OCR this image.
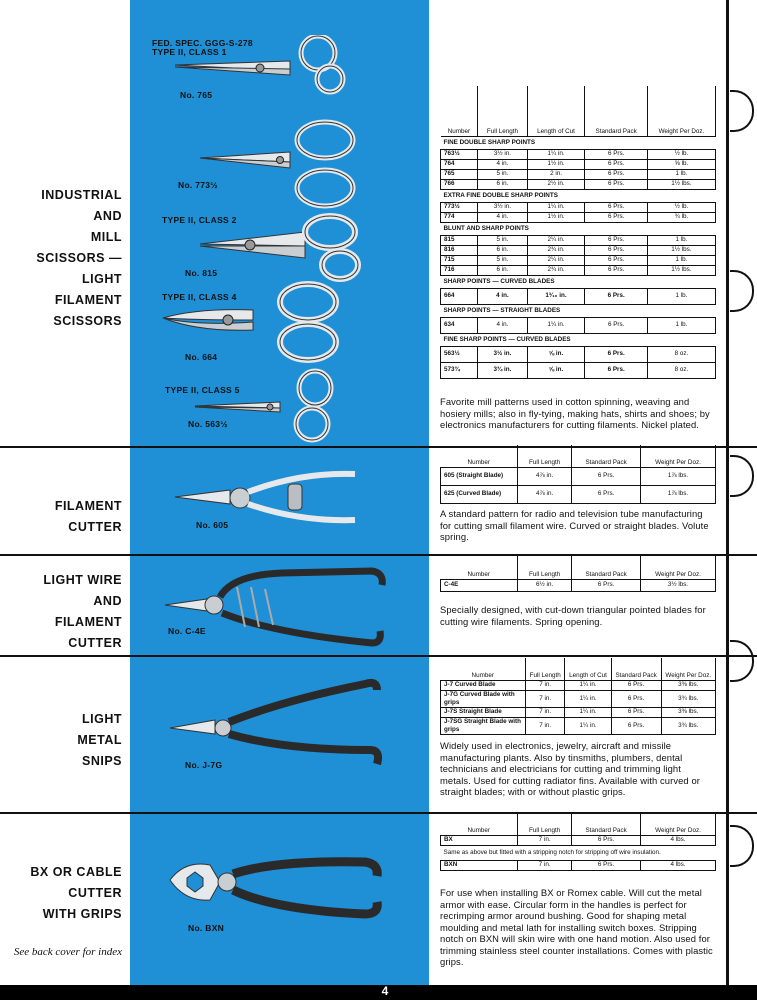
4
INDUSTRIAL
AND
MILL
SCISSORS —
LIGHT
FILAMENT
SCISSORS
FED. SPEC. GGG-S-278
TYPE II, CLASS 1
No. 765
No. 773½
TYPE II, CLASS 2
No. 815
TYPE II, CLASS 4
No. 664
TYPE II, CLASS 5
No. 563½
Number	Full Length	Length of Cut	Standard Pack	Weight Per Doz.
FINE DOUBLE SHARP POINTS				
763½	3½ in.	1¼ in.	6 Prs.	½ lb.
764	4 in.	1½ in.	6 Prs.	⅝ lb.
765	5 in.	2 in.	6 Prs.	1 lb.
766	6 in.	2½ in.	6 Prs.	1½ lbs.
EXTRA FINE DOUBLE SHARP POINTS				
773½	3½ in.	1¼ in.	6 Prs.	½ lb.
774	4 in.	1½ in.	6 Prs.	¾ lb.
BLUNT AND SHARP POINTS				
815	5 in.	2¼ in.	6 Prs.	1 lb.
816	6 in.	2¾ in.	6 Prs.	1½ lbs.
715	5 in.	2¼ in.	6 Prs.	1 lb.
716	6 in.	2¾ in.	6 Prs.	1½ lbs.
SHARP POINTS — CURVED BLADES				
664	4 in.	1³⁄₁₆ in.	6 Prs.	1 lb.
SHARP POINTS — STRAIGHT BLADES				
634	4 in.	1¼ in.	6 Prs.	1 lb.
FINE SHARP POINTS — CURVED BLADES				
563½	3½ in.	⅝ in.	6 Prs.	8 oz.
573¾	3¾ in.	⅝ in.	6 Prs.	8 oz.
Favorite mill patterns used in cotton spinning, weaving and hosiery mills; also in fly-tying, making hats, shirts and shoes; by electronics manufacturers for cutting filaments. Nickel plated.
FILAMENT
CUTTER	No. 605
Number	Full Length	Standard Pack	Weight Per Doz.
605 (Straight Blade)	4⅞ in.	6 Prs.	1⅞ lbs.
625 (Curved Blade)	4⅞ in.	6 Prs.	1⅞ lbs.
A standard pattern for radio and television tube manufacturing for cutting small filament wire. Curved or straight blades. Volute spring.
LIGHT WIRE
AND
FILAMENT
CUTTER
No. C-4E
Number	Full Length	Standard Pack	Weight Per Doz.
C-4E	6½ in.	6 Prs.	3½ lbs.
Specially designed, with cut-down triangular pointed blades for cutting wire filaments. Spring opening.
LIGHT
METAL
SNIPS	No. J-7G
Number	Full Length	Length of Cut	Standard Pack	Weight Per Doz.
J-7 Curved Blade	7 in.	1¼ in.	6 Prs.	3⅜ lbs.
J-7G Curved Blade with grips	7 in.	1¼ in.	6 Prs.	3¾ lbs.
J-7S Straight Blade	7 in.	1¼ in.	6 Prs.	3⅜ lbs.
J-7SG Straight Blade with grips	7 in.	1¼ in.	6 Prs.	3¾ lbs.
Widely used in electronics, jewelry, aircraft and missile manufacturing plants. Also by tinsmiths, plumbers, dental technicians and electricians for cutting and trimming light metals. Used for cutting radiator fins. Available with curved or straight blades; with or without plastic grips.
BX OR CABLE
CUTTER
WITH GRIPS
See back cover for index
No. BXN
Number	Full Length	Standard Pack	Weight Per Doz.
BX	7 in.	6 Prs.	4 lbs.
Same as above but fitted with a stripping notch for stripping off wire insulation.			
BXN	7 in.	6 Prs.	4 lbs.
For use when installing BX or Romex cable. Will cut the metal armor with ease. Circular form in the handles is perfect for recrimping armor around bushing. Good for shaping metal moulding and metal lath for installing switch boxes. Stripping notch on BXN will skin wire with one hand motion. Also used for trimming stainless steel counter installations. Comes with plastic grips.
